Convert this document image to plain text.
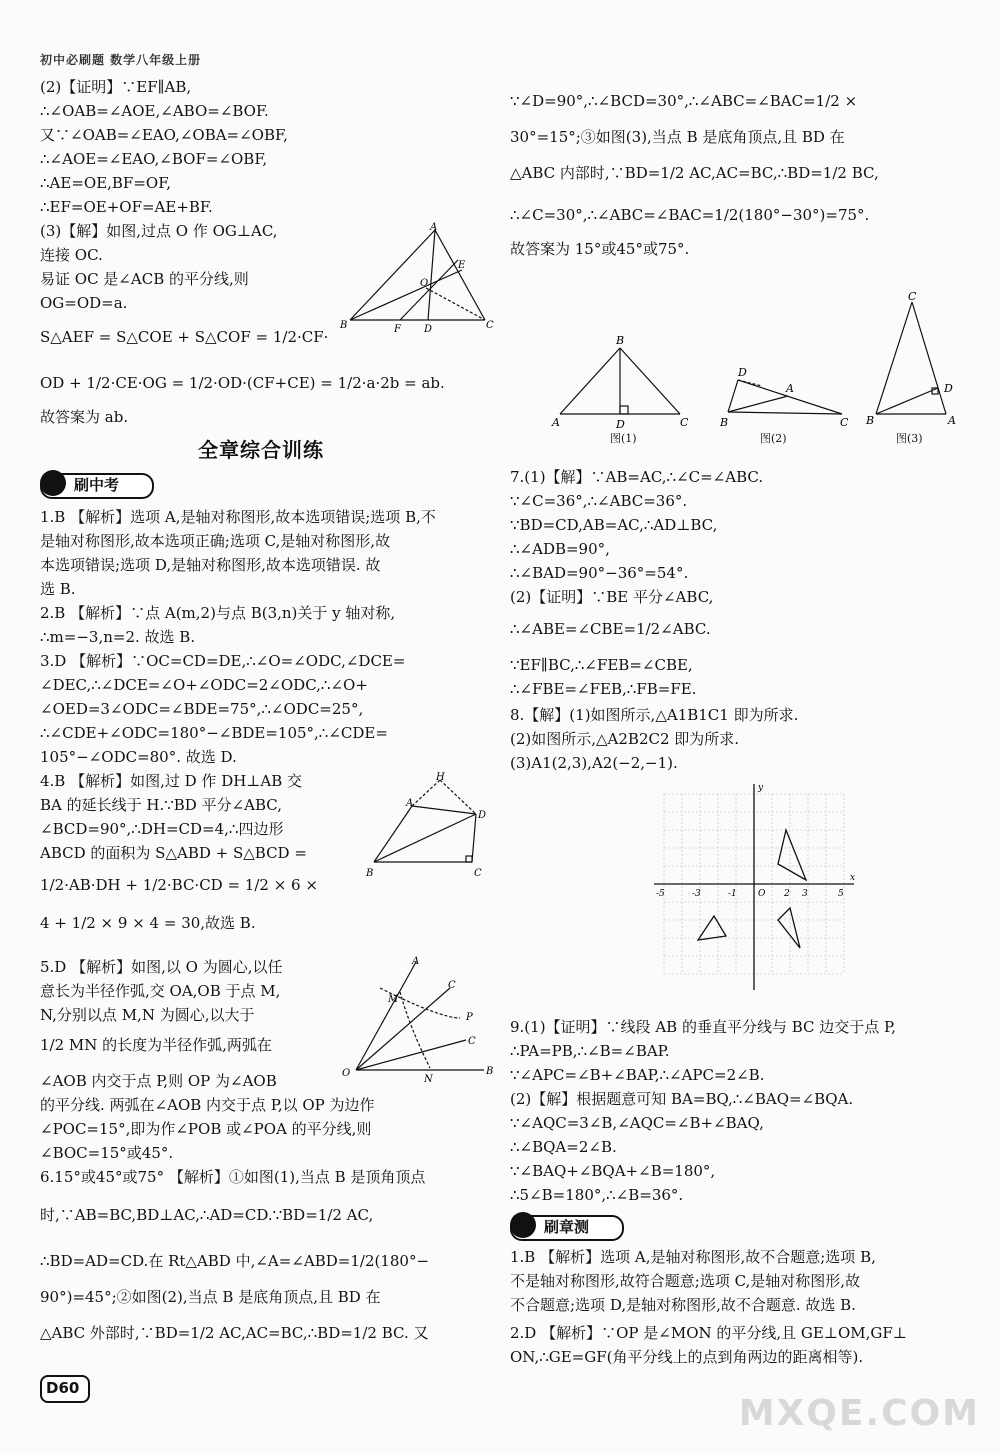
初中必刷题 数学八年级上册
(2)【证明】∵EF∥AB,
∴∠OAB=∠AOE,∠ABO=∠BOF.
又∵∠OAB=∠EAO,∠OBA=∠OBF,
∴∠AOE=∠EAO,∠BOF=∠OBF,
∴AE=OE,BF=OF,
∴EF=OE+OF=AE+BF.
(3)【解】如图,过点 O 作 OG⊥AC,
连接 OC.
易证 OC 是∠ACB 的平分线,则
OG=OD=a.
S△AEF = S△COE + S△COF = 1/2·CF·
OD + 1/2·CE·OG = 1/2·OD·(CF+CE) = 1/2·a·2b = ab.
故答案为 ab.
A
B	C
E
O
F D
全章综合训练
刷中考
1.B 【解析】选项 A,是轴对称图形,故本选项错误;选项 B,不
是轴对称图形,故本选项正确;选项 C,是轴对称图形,故
本选项错误;选项 D,是轴对称图形,故本选项错误. 故
选 B.
2.B 【解析】∵点 A(m,2)与点 B(3,n)关于 y 轴对称,
∴m=−3,n=2. 故选 B.
3.D 【解析】∵OC=CD=DE,∴∠O=∠ODC,∠DCE=
∠DEC,∴∠DCE=∠O+∠ODC=2∠ODC,∴∠O+
∠OED=3∠ODC=∠BDE=75°,∴∠ODC=25°,
∴∠CDE+∠ODC=180°−∠BDE=105°,∴∠CDE=
105°−∠ODC=80°. 故选 D.
4.B 【解析】如图,过 D 作 DH⊥AB 交
BA 的延长线于 H.∵BD 平分∠ABC,
∠BCD=90°,∴DH=CD=4,∴四边形
ABCD 的面积为 S△ABD + S△BCD =
1/2·AB·DH + 1/2·BC·CD = 1/2 × 6 ×
4 + 1/2 × 9 × 4 = 30,故选 B.
H
A
D
B	C
5.D 【解析】如图,以 O 为圆心,以任
意长为半径作弧,交 OA,OB 于点 M,
N,分别以点 M,N 为圆心,以大于
1/2 MN 的长度为半径作弧,两弧在
∠AOB 内交于点 P,则 OP 为∠AOB
的平分线. 两弧在∠AOB 内交于点 P,以 OP 为边作
∠POC=15°,即为作∠POB 或∠POA 的平分线,则
∠BOC=15°或45°.
6.15°或45°或75° 【解析】①如图(1),当点 B 是顶角顶点
时,∵AB=BC,BD⊥AC,∴AD=CD.∵BD=1/2 AC,
∴BD=AD=CD.在 Rt△ABD 中,∠A=∠ABD=1/2(180°−
90°)=45°;②如图(2),当点 B 是底角顶点,且 BD 在
△ABC 外部时,∵BD=1/2 AC,AC=BC,∴BD=1/2 BC. 又
A
C
P
C
B
O
M
N
∵∠D=90°,∴∠BCD=30°,∴∠ABC=∠BAC=1/2 ×
30°=15°;③如图(3),当点 B 是底角顶点,且 BD 在
△ABC 内部时,∵BD=1/2 AC,AC=BC,∴BD=1/2 BC,
∴∠C=30°,∴∠ABC=∠BAC=1/2(180°−30°)=75°.
故答案为 15°或45°或75°.
B
A	D	C
图(1)
D
A
B	C
图(2)
C
B
D
A
图(3)
7.(1)【解】∵AB=AC,∴∠C=∠ABC.
∵∠C=36°,∴∠ABC=36°.
∵BD=CD,AB=AC,∴AD⊥BC,
∴∠ADB=90°,
∴∠BAD=90°−36°=54°.
(2)【证明】∵BE 平分∠ABC,
∴∠ABE=∠CBE=1/2∠ABC.
∵EF∥BC,∴∠FEB=∠CBE,
∴∠FBE=∠FEB,∴FB=FE.
8.【解】(1)如图所示,△A1B1C1 即为所求.
(2)如图所示,△A2B2C2 即为所求.
(3)A1(2,3),A2(−2,−1).
-5	-3	-1 O 2 3	5
x
y
9.(1)【证明】∵线段 AB 的垂直平分线与 BC 边交于点 P,
∴PA=PB,∴∠B=∠BAP.
∵∠APC=∠B+∠BAP,∴∠APC=2∠B.
(2)【解】根据题意可知 BA=BQ,∴∠BAQ=∠BQA.
∵∠AQC=3∠B,∠AQC=∠B+∠BAQ,
∴∠BQA=2∠B.
∵∠BAQ+∠BQA+∠B=180°,
∴5∠B=180°,∴∠B=36°.
刷章测
1.B 【解析】选项 A,是轴对称图形,故不合题意;选项 B,
不是轴对称图形,故符合题意;选项 C,是轴对称图形,故
不合题意;选项 D,是轴对称图形,故不合题意. 故选 B.
2.D 【解析】∵OP 是∠MON 的平分线,且 GE⊥OM,GF⊥
ON,∴GE=GF(角平分线上的点到角两边的距离相等).
D60
MXQE.COM
